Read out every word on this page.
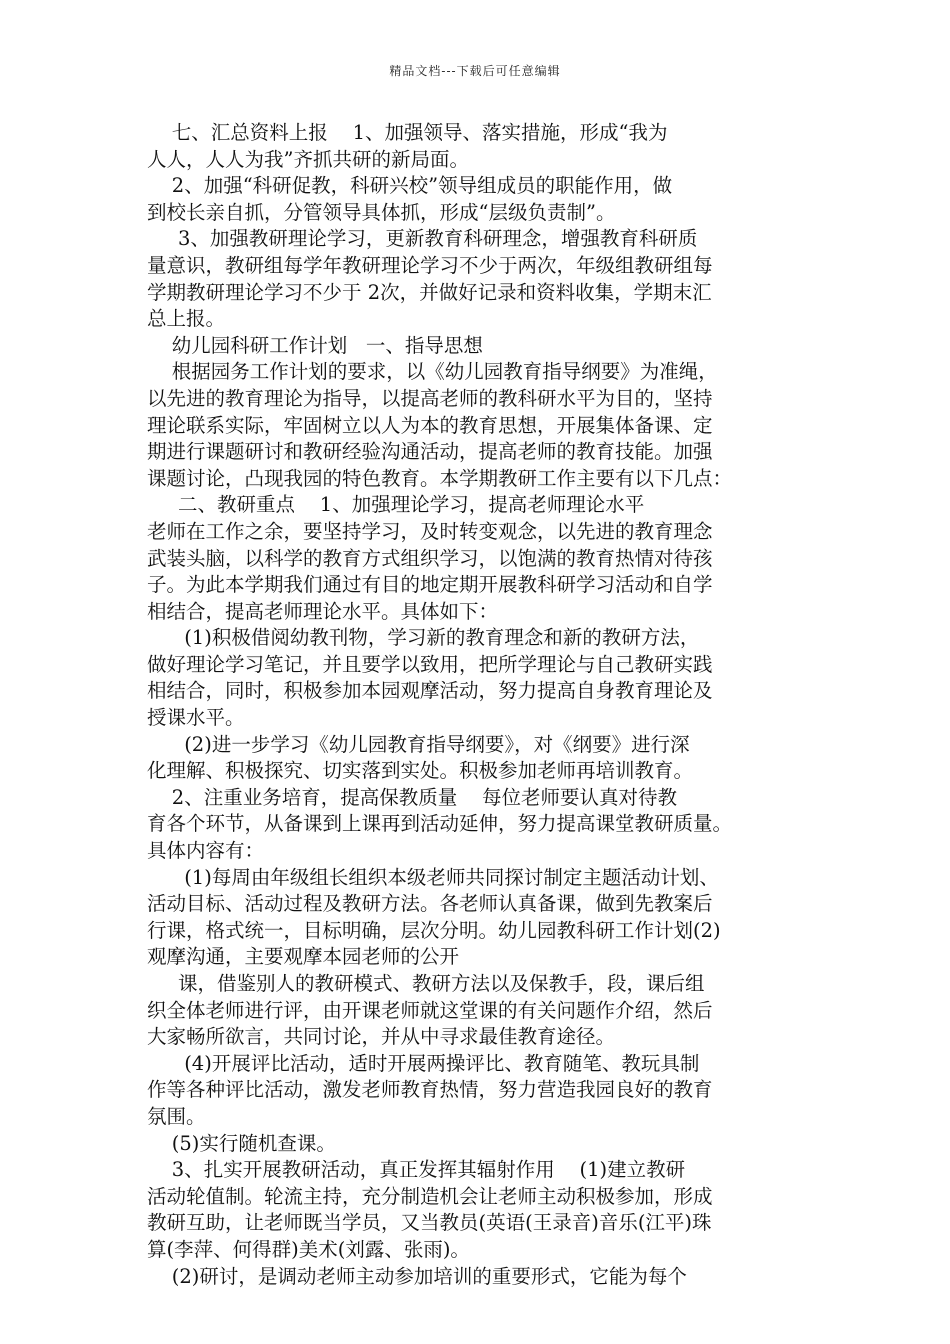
精品文档---下载后可任意编辑
七、汇总资料上报    1、加强领导、落实措施，形成“我为
人人，人人为我”齐抓共研的新局面。
2、加强“科研促教，科研兴校”领导组成员的职能作用，做
到校长亲自抓，分管领导具体抓，形成“层级负责制”。
3、加强教研理论学习，更新教育科研理念，增强教育科研质
量意识，教研组每学年教研理论学习不少于两次，年级组教研组每
学期教研理论学习不少于 2次，并做好记录和资料收集，学期末汇
总上报。
幼儿园科研工作计划   一、指导思想
根据园务工作计划的要求，以《幼儿园教育指导纲要》为准绳，
以先进的教育理论为指导，以提高老师的教科研水平为目的，坚持
理论联系实际，牢固树立以人为本的教育思想，开展集体备课、定
期进行课题研讨和教研经验沟通活动，提高老师的教育技能。加强
课题讨论，凸现我园的特色教育。本学期教研工作主要有以下几点：
二、教研重点    1、加强理论学习，提高老师理论水平
老师在工作之余，要坚持学习，及时转变观念，以先进的教育理念
武装头脑，以科学的教育方式组织学习，以饱满的教育热情对待孩
子。为此本学期我们通过有目的地定期开展教科研学习活动和自学
相结合，提高老师理论水平。具体如下：
(1)积极借阅幼教刊物，学习新的教育理念和新的教研方法，
做好理论学习笔记，并且要学以致用，把所学理论与自己教研实践
相结合，同时，积极参加本园观摩活动，努力提高自身教育理论及
授课水平。
(2)进一步学习《幼儿园教育指导纲要》，对《纲要》进行深
化理解、积极探究、切实落到实处。积极参加老师再培训教育。
2、注重业务培育，提高保教质量    每位老师要认真对待教
育各个环节，从备课到上课再到活动延伸，努力提高课堂教研质量。
具体内容有：
(1)每周由年级组长组织本级老师共同探讨制定主题活动计划、
活动目标、活动过程及教研方法。各老师认真备课，做到先教案后
行课，格式统一，目标明确，层次分明。幼儿园教科研工作计划(2)
观摩沟通，主要观摩本园老师的公开
课，借鉴别人的教研模式、教研方法以及保教手，段，课后组
织全体老师进行评，由开课老师就这堂课的有关问题作介绍，然后
大家畅所欲言，共同讨论，并从中寻求最佳教育途径。
(4)开展评比活动，适时开展两操评比、教育随笔、教玩具制
作等各种评比活动，激发老师教育热情，努力营造我园良好的教育
氛围。
(5)实行随机查课。
3、扎实开展教研活动，真正发挥其辐射作用    (1)建立教研
活动轮值制。轮流主持，充分制造机会让老师主动积极参加，形成
教研互助，让老师既当学员，又当教员(英语(王录音)音乐(江平)珠
算(李萍、何得群)美术(刘露、张雨)。
(2)研讨，是调动老师主动参加培训的重要形式，它能为每个
